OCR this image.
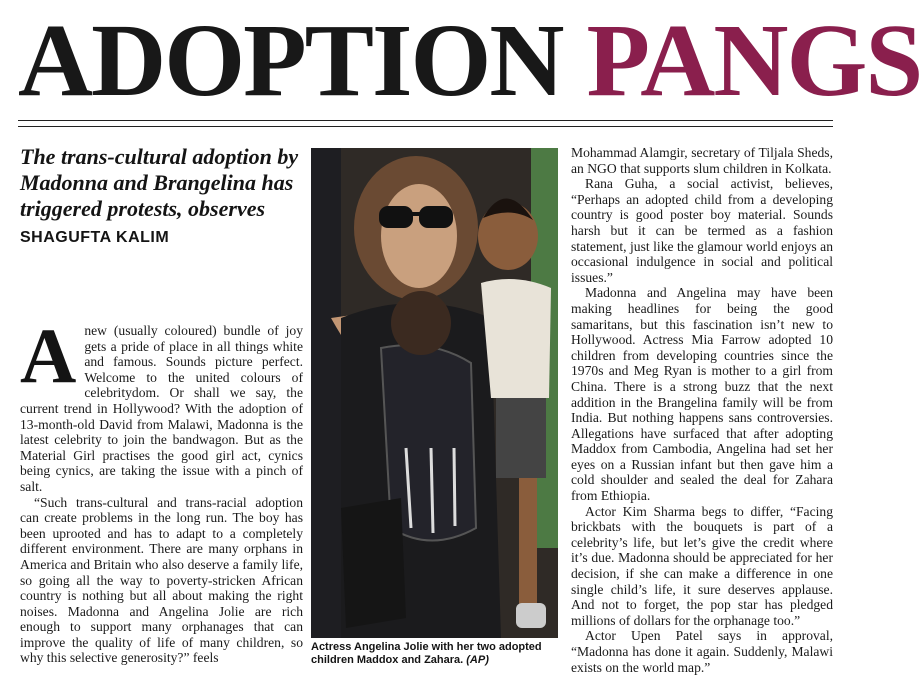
ADOPTION PANGS
The trans-cultural adoption by Madonna and Brangelina has triggered protests, observes SHAGUFTA KALIM

Anew (usually coloured) bundle of joy gets a pride of place in all things white and famous. Sounds picture perfect. Welcome to the united colours of celebritydom. Or shall we say, the current trend in Hollywood? With the adoption of 13-month-old David from Malawi, Madonna is the latest celebrity to join the bandwagon. But as the Material Girl practises the good girl act, cynics being cynics, are taking the issue with a pinch of salt.

“Such trans-cultural and trans-racial adoption can create problems in the long run. The boy has been uprooted and has to adapt to a completely different environment. There are many orphans in America and Britain who also deserve a family life, so going all the way to poverty-stricken African country is nothing but all about making the right noises. Madonna and Angelina Jolie are rich enough to support many orphanages that can improve the quality of life of many children, so why this selective generosity?” feels

Actress Angelina Jolie with her two adopted children Maddox and Zahara. (AP)

Mohammad Alamgir, secretary of Tiljala Sheds, an NGO that supports slum children in Kolkata.

Rana Guha, a social activist, believes, “Perhaps an adopted child from a developing country is good poster boy material. Sounds harsh but it can be termed as a fashion statement, just like the glamour world enjoys an occasional indulgence in social and political issues.”

Madonna and Angelina may have been making headlines for being the good samaritans, but this fascination isn’t new to Hollywood. Actress Mia Farrow adopted 10 children from developing countries since the 1970s and Meg Ryan is mother to a girl from China. There is a strong buzz that the next addition in the Brangelina family will be from India. But nothing happens sans controversies. Allegations have surfaced that after adopting Maddox from Cambodia, Angelina had set her eyes on a Russian infant but then gave him a cold shoulder and sealed the deal for Zahara from Ethiopia.

Actor Kim Sharma begs to differ, “Facing brickbats with the bouquets is part of a celebrity’s life, but let’s give the credit where it’s due. Madonna should be appreciated for her decision, if she can make a difference in one single child’s life, it sure deserves applause. And not to forget, the pop star has pledged millions of dollars for the orphanage too.”

Actor Upen Patel says in approval, “Madonna has done it again. Suddenly, Malawi exists on the world map.”
